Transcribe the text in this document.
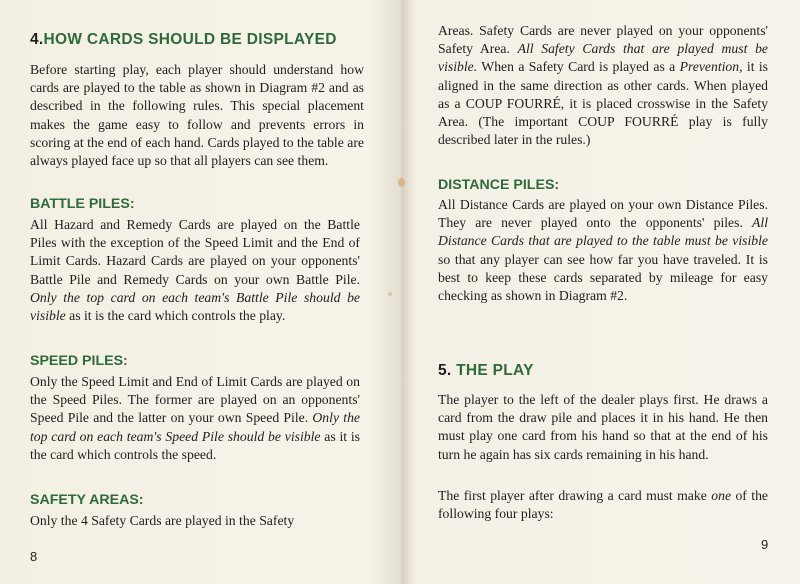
4.HOW CARDS SHOULD BE DISPLAYED
Before starting play, each player should understand how cards are played to the table as shown in Diagram #2 and as described in the following rules. This special placement makes the game easy to follow and prevents errors in scoring at the end of each hand. Cards played to the table are always played face up so that all players can see them.
BATTLE PILES:
All Hazard and Remedy Cards are played on the Battle Piles with the exception of the Speed Limit and the End of Limit Cards. Hazard Cards are played on your opponents' Battle Pile and Remedy Cards on your own Battle Pile. Only the top card on each team's Battle Pile should be visible as it is the card which controls the play.
SPEED PILES:
Only the Speed Limit and End of Limit Cards are played on the Speed Piles. The former are played on an opponents' Speed Pile and the latter on your own Speed Pile. Only the top card on each team's Speed Pile should be visible as it is the card which controls the speed.
SAFETY AREAS:
Only the 4 Safety Cards are played in the Safety
8
Areas. Safety Cards are never played on your opponents' Safety Area. All Safety Cards that are played must be visible. When a Safety Card is played as a Prevention, it is aligned in the same direction as other cards. When played as a COUP FOURRÉ, it is placed crosswise in the Safety Area. (The important COUP FOURRÉ play is fully described later in the rules.)
DISTANCE PILES:
All Distance Cards are played on your own Distance Piles. They are never played onto the opponents' piles. All Distance Cards that are played to the table must be visible so that any player can see how far you have traveled. It is best to keep these cards separated by mileage for easy checking as shown in Diagram #2.
5. THE PLAY
The player to the left of the dealer plays first. He draws a card from the draw pile and places it in his hand. He then must play one card from his hand so that at the end of his turn he again has six cards remaining in his hand.
The first player after drawing a card must make one of the following four plays:
9
